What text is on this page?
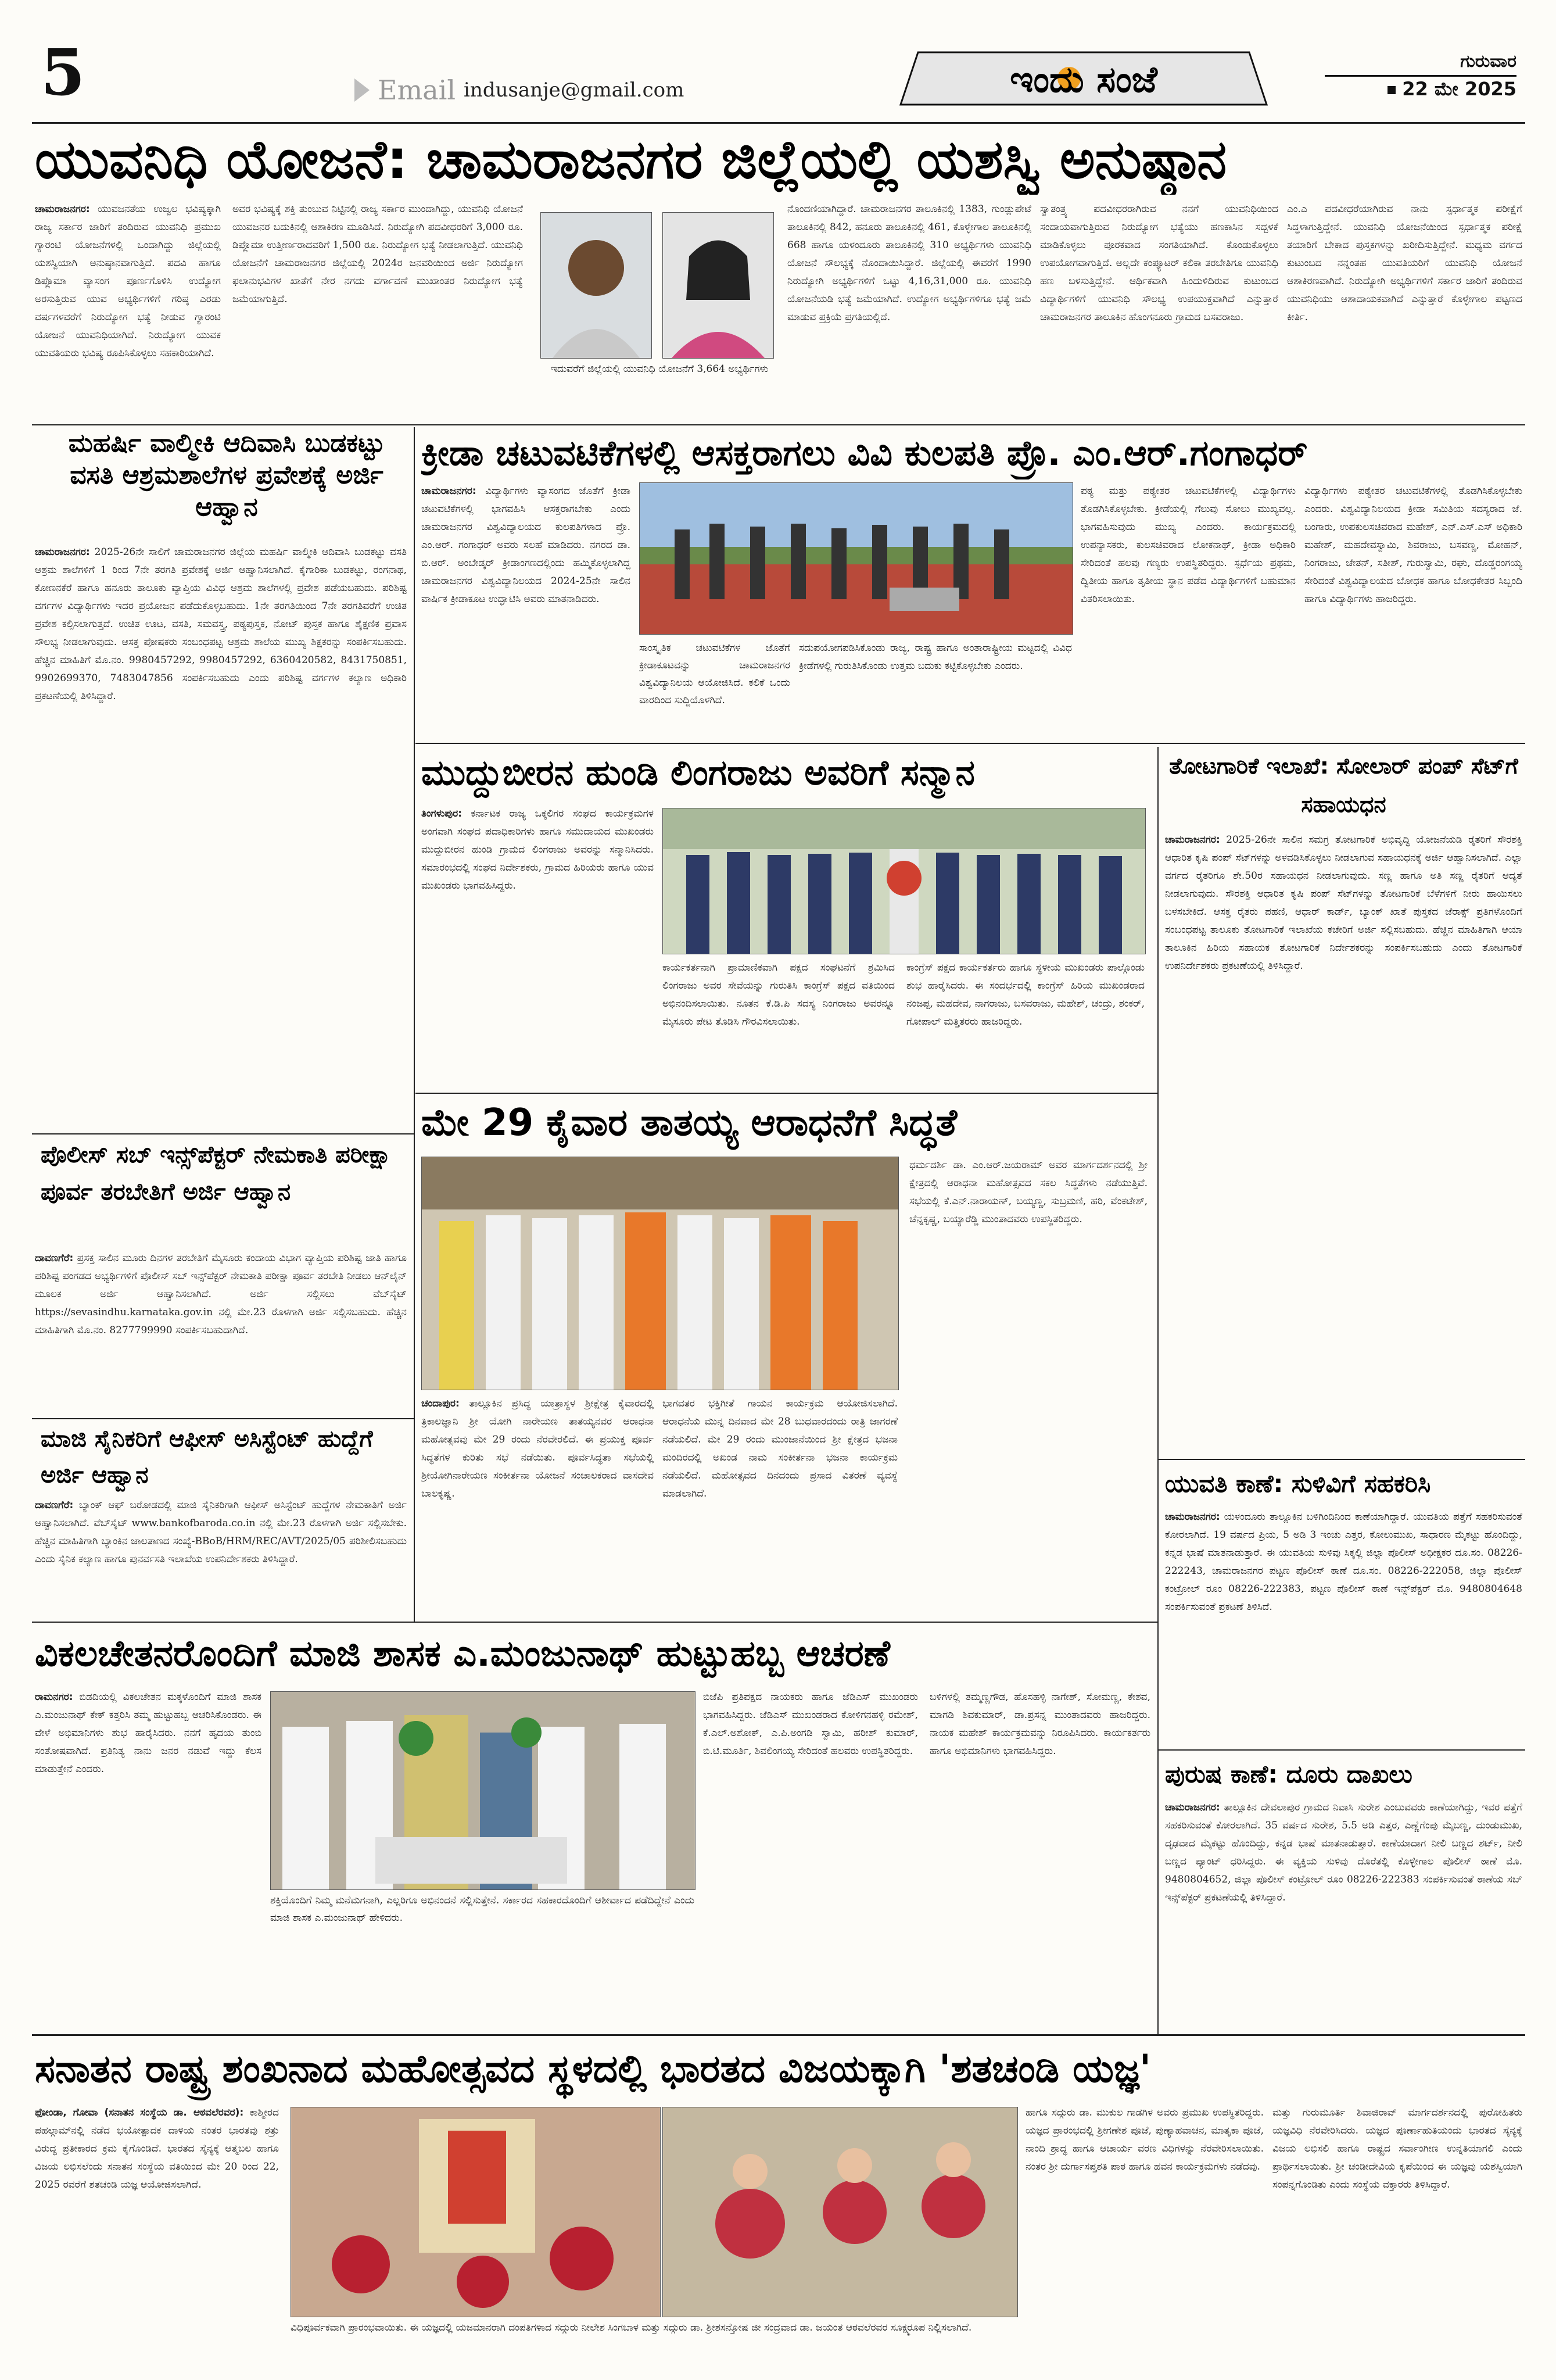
5	Email indusanje@gmail.com	ಇಂದು ಸಂಜೆ	ಗುರುವಾರ
22 ಮೇ 2025
ಯುವನಿಧಿ ಯೋಜನೆ: ಚಾಮರಾಜನಗರ ಜಿಲ್ಲೆಯಲ್ಲಿ ಯಶಸ್ವಿ ಅನುಷ್ಠಾನ
ಚಾಮರಾಜನಗರ: ಯುವಜನತೆಯ ಉಜ್ವಲ ಭವಿಷ್ಯಕ್ಕಾಗಿ ರಾಜ್ಯ ಸರ್ಕಾರ ಜಾರಿಗೆ ತಂದಿರುವ ಯುವನಿಧಿ ಪ್ರಮುಖ ಗ್ಯಾರಂಟಿ ಯೋಜನೆಗಳಲ್ಲಿ ಒಂದಾಗಿದ್ದು ಜಿಲ್ಲೆಯಲ್ಲಿ ಯಶಸ್ವಿಯಾಗಿ ಅನುಷ್ಠಾನವಾಗುತ್ತಿದೆ. ಪದವಿ ಹಾಗೂ ಡಿಪ್ಲೊಮಾ ವ್ಯಾಸಂಗ ಪೂರ್ಣಗೊಳಿಸಿ ಉದ್ಯೋಗ ಅರಸುತ್ತಿರುವ ಯುವ ಅಭ್ಯರ್ಥಿಗಳಿಗೆ ಗರಿಷ್ಠ ಎರಡು ವರ್ಷಗಳವರೆಗೆ ನಿರುದ್ಯೋಗ ಭತ್ಯೆ ನೀಡುವ ಗ್ಯಾರಂಟಿ ಯೋಜನೆ ಯುವನಿಧಿಯಾಗಿದೆ. ನಿರುದ್ಯೋಗ ಯುವಕ ಯುವತಿಯರು ಭವಿಷ್ಯ ರೂಪಿಸಿಕೊಳ್ಳಲು ಸಹಕಾರಿಯಾಗಿದೆ.
ಅವರ ಭವಿಷ್ಯಕ್ಕೆ ಶಕ್ತಿ ತುಂಬುವ ನಿಟ್ಟಿನಲ್ಲಿ ರಾಜ್ಯ ಸರ್ಕಾರ ಮುಂದಾಗಿದ್ದು, ಯುವನಿಧಿ ಯೋಜನೆ ಯುವಜನರ ಬದುಕಿನಲ್ಲಿ ಆಶಾಕಿರಣ ಮೂಡಿಸಿದೆ. ನಿರುದ್ಯೋಗಿ ಪದವೀಧರರಿಗೆ 3,000 ರೂ. ಡಿಪ್ಲೊಮಾ ಉತ್ತೀರ್ಣರಾದವರಿಗೆ 1,500 ರೂ. ನಿರುದ್ಯೋಗ ಭತ್ಯೆ ನೀಡಲಾಗುತ್ತಿದೆ. ಯುವನಿಧಿ ಯೋಜನೆಗೆ ಚಾಮರಾಜನಗರ ಜಿಲ್ಲೆಯಲ್ಲಿ 2024ರ ಜನವರಿಯಿಂದ ಅರ್ಜಿ ನಿರುದ್ಯೋಗ ಫಲಾನುಭವಿಗಳ ಖಾತೆಗೆ ನೇರ ನಗದು ವರ್ಗಾವಣೆ ಮುಖಾಂತರ ನಿರುದ್ಯೋಗ ಭತ್ಯೆ ಜಮೆಯಾಗುತ್ತಿದೆ.
ಇದುವರೆಗೆ ಜಿಲ್ಲೆಯಲ್ಲಿ ಯುವನಿಧಿ ಯೋಜನೆಗೆ 3,664 ಅಭ್ಯರ್ಥಿಗಳು
ನೊಂದಣಿಯಾಗಿದ್ದಾರೆ. ಚಾಮರಾಜನಗರ ತಾಲೂಕಿನಲ್ಲಿ 1383, ಗುಂಡ್ಲುಪೇಟೆ ತಾಲೂಕಿನಲ್ಲಿ 842, ಹನೂರು ತಾಲೂಕಿನಲ್ಲಿ 461, ಕೊಳ್ಳೇಗಾಲ ತಾಲೂಕಿನಲ್ಲಿ 668 ಹಾಗೂ ಯಳಂದೂರು ತಾಲೂಕಿನಲ್ಲಿ 310 ಅಭ್ಯರ್ಥಿಗಳು ಯುವನಿಧಿ ಯೋಜನೆ ಸೌಲಭ್ಯಕ್ಕೆ ನೊಂದಾಯಿಸಿದ್ದಾರೆ. ಜಿಲ್ಲೆಯಲ್ಲಿ ಈವರೆಗೆ 1990 ನಿರುದ್ಯೋಗಿ ಅಭ್ಯರ್ಥಿಗಳಿಗೆ ಒಟ್ಟು 4,16,31,000 ರೂ. ಯುವನಿಧಿ ಯೋಜನೆಯಡಿ ಭತ್ಯೆ ಜಮೆಯಾಗಿದೆ. ಉದ್ಯೋಗ ಅಭ್ಯರ್ಥಿಗಳಿಗೂ ಭತ್ಯೆ ಜಮೆ ಮಾಡುವ ಪ್ರಕ್ರಿಯೆ ಪ್ರಗತಿಯಲ್ಲಿದೆ.
ಸ್ವಾತಂತ್ರ್ಯ ಪದವೀಧರರಾಗಿರುವ ನನಗೆ ಯುವನಿಧಿಯಿಂದ ಸಂದಾಯವಾಗುತ್ತಿರುವ ನಿರುದ್ಯೋಗ ಭತ್ಯೆಯು ಹಣಕಾಸಿನ ಸದ್ಬಳಕೆ ಮಾಡಿಕೊಳ್ಳಲು ಪೂರಕವಾದ ಸಂಗತಿಯಾಗಿದೆ. ಕೊಂಡುಕೊಳ್ಳಲು ಉಪಯೋಗವಾಗುತ್ತಿದೆ. ಅಲ್ಲದೇ ಕಂಪ್ಯೂಟರ್ ಕಲಿಕಾ ತರಬೇತಿಗೂ ಯುವನಿಧಿ ಹಣ ಬಳಸುತ್ತಿದ್ದೇನೆ. ಆರ್ಥಿಕವಾಗಿ ಹಿಂದುಳಿದಿರುವ ಕುಟುಂಬದ ವಿದ್ಯಾರ್ಥಿಗಳಿಗೆ ಯುವನಿಧಿ ಸೌಲಭ್ಯ ಉಪಯುಕ್ತವಾಗಿದೆ ಎನ್ನುತ್ತಾರೆ ಚಾಮರಾಜನಗರ ತಾಲೂಕಿನ ಹೊಂಗನೂರು ಗ್ರಾಮದ ಬಸವರಾಜು.
ಎಂ.ಎ ಪದವೀಧರೆಯಾಗಿರುವ ನಾನು ಸ್ಪರ್ಧಾತ್ಮಕ ಪರೀಕ್ಷೆಗೆ ಸಿದ್ಧಳಾಗುತ್ತಿದ್ದೇನೆ. ಯುವನಿಧಿ ಯೋಜನೆಯಿಂದ ಸ್ಪರ್ಧಾತ್ಮಕ ಪರೀಕ್ಷೆ ತಯಾರಿಗೆ ಬೇಕಾದ ಪುಸ್ತಕಗಳನ್ನು ಖರೀದಿಸುತ್ತಿದ್ದೇನೆ. ಮಧ್ಯಮ ವರ್ಗದ ಕುಟುಂಬದ ನನ್ನಂತಹ ಯುವತಿಯರಿಗೆ ಯುವನಿಧಿ ಯೋಜನೆ ಆಶಾಕಿರಣವಾಗಿದೆ. ನಿರುದ್ಯೋಗಿ ಅಭ್ಯರ್ಥಿಗಳಿಗೆ ಸರ್ಕಾರ ಜಾರಿಗೆ ತಂದಿರುವ ಯುವನಿಧಿಯು ಆಶಾದಾಯಕವಾಗಿದೆ ಎನ್ನುತ್ತಾರೆ ಕೊಳ್ಳೇಗಾಲ ಪಟ್ಟಣದ ಕೀರ್ತಿ.
ಮಹರ್ಷಿ ವಾಲ್ಮೀಕಿ ಆದಿವಾಸಿ ಬುಡಕಟ್ಟು ವಸತಿ ಆಶ್ರಮಶಾಲೆಗಳ ಪ್ರವೇಶಕ್ಕೆ ಅರ್ಜಿ ಆಹ್ವಾನ
ಚಾಮರಾಜನಗರ: 2025-26ನೇ ಸಾಲಿಗೆ ಚಾಮರಾಜನಗರ ಜಿಲ್ಲೆಯ ಮಹರ್ಷಿ ವಾಲ್ಮೀಕಿ ಆದಿವಾಸಿ ಬುಡಕಟ್ಟು ವಸತಿ ಆಶ್ರಮ ಶಾಲೆಗಳಿಗೆ 1 ರಿಂದ 7ನೇ ತರಗತಿ ಪ್ರವೇಶಕ್ಕೆ ಅರ್ಜಿ ಆಹ್ವಾನಿಸಲಾಗಿದೆ. ಕೈಗಾರಿಕಾ ಬುಡಕಟ್ಟು, ರಂಗನಾಥ, ಕೋಣನಕೆರೆ ಹಾಗೂ ಹನೂರು ತಾಲೂಕು ವ್ಯಾಪ್ತಿಯ ವಿವಿಧ ಆಶ್ರಮ ಶಾಲೆಗಳಲ್ಲಿ ಪ್ರವೇಶ ಪಡೆಯಬಹುದು. ಪರಿಶಿಷ್ಟ ವರ್ಗಗಳ ವಿದ್ಯಾರ್ಥಿಗಳು ಇದರ ಪ್ರಯೋಜನ ಪಡೆದುಕೊಳ್ಳಬಹುದು. 1ನೇ ತರಗತಿಯಿಂದ 7ನೇ ತರಗತಿವರೆಗೆ ಉಚಿತ ಪ್ರವೇಶ ಕಲ್ಪಿಸಲಾಗುತ್ತದೆ. ಉಚಿತ ಊಟ, ವಸತಿ, ಸಮವಸ್ತ್ರ, ಪಠ್ಯಪುಸ್ತಕ, ನೋಟ್ ಪುಸ್ತಕ ಹಾಗೂ ಶೈಕ್ಷಣಿಕ ಪ್ರವಾಸ ಸೌಲಭ್ಯ ನೀಡಲಾಗುವುದು. ಆಸಕ್ತ ಪೋಷಕರು ಸಂಬಂಧಪಟ್ಟ ಆಶ್ರಮ ಶಾಲೆಯ ಮುಖ್ಯ ಶಿಕ್ಷಕರನ್ನು ಸಂಪರ್ಕಿಸಬಹುದು. ಹೆಚ್ಚಿನ ಮಾಹಿತಿಗೆ ಮೊ.ನಂ. 9980457292, 9980457292, 6360420582, 8431750851, 9902699370, 7483047856 ಸಂಪರ್ಕಿಸಬಹುದು ಎಂದು ಪರಿಶಿಷ್ಟ ವರ್ಗಗಳ ಕಲ್ಯಾಣ ಅಧಿಕಾರಿ ಪ್ರಕಟಣೆಯಲ್ಲಿ ತಿಳಿಸಿದ್ದಾರೆ.
ಕ್ರೀಡಾ ಚಟುವಟಿಕೆಗಳಲ್ಲಿ ಆಸಕ್ತರಾಗಲು ವಿವಿ ಕುಲಪತಿ ಪ್ರೊ. ಎಂ.ಆರ್.ಗಂಗಾಧರ್
ಚಾಮರಾಜನಗರ: ವಿದ್ಯಾರ್ಥಿಗಳು ವ್ಯಾಸಂಗದ ಜೊತೆಗೆ ಕ್ರೀಡಾ ಚಟುವಟಿಕೆಗಳಲ್ಲಿ ಭಾಗವಹಿಸಿ ಆಸಕ್ತರಾಗಬೇಕು ಎಂದು ಚಾಮರಾಜನಗರ ವಿಶ್ವವಿದ್ಯಾಲಯದ ಕುಲಪತಿಗಳಾದ ಪ್ರೊ. ಎಂ.ಆರ್. ಗಂಗಾಧರ್ ಅವರು ಸಲಹೆ ಮಾಡಿದರು. ನಗರದ ಡಾ. ಬಿ.ಆರ್. ಅಂಬೇಡ್ಕರ್ ಕ್ರೀಡಾಂಗಣದಲ್ಲಿಂದು ಹಮ್ಮಿಕೊಳ್ಳಲಾಗಿದ್ದ ಚಾಮರಾಜನಗರ ವಿಶ್ವವಿದ್ಯಾನಿಲಯದ 2024-25ನೇ ಸಾಲಿನ ವಾರ್ಷಿಕ ಕ್ರೀಡಾಕೂಟ ಉದ್ಘಾಟಿಸಿ ಅವರು ಮಾತನಾಡಿದರು.
ಸಾಂಸ್ಕೃತಿಕ ಚಟುವಟಿಕೆಗಳ ಜೊತೆಗೆ ಕ್ರೀಡಾಕೂಟವನ್ನು ಚಾಮರಾಜನಗರ ವಿಶ್ವವಿದ್ಯಾನಿಲಯ ಆಯೋಜಿಸಿದೆ. ಕಲಿಕೆ ಒಂದು ವಾರದಿಂದ ಸುದ್ದಿಯೊಳಗಿದೆ.
ಸದುಪಯೋಗಪಡಿಸಿಕೊಂಡು ರಾಜ್ಯ, ರಾಷ್ಟ್ರ ಹಾಗೂ ಅಂತಾರಾಷ್ಟ್ರೀಯ ಮಟ್ಟದಲ್ಲಿ ವಿವಿಧ ಕ್ರೀಡೆಗಳಲ್ಲಿ ಗುರುತಿಸಿಕೊಂಡು ಉತ್ತಮ ಬದುಕು ಕಟ್ಟಿಕೊಳ್ಳಬೇಕು ಎಂದರು.
ಪಠ್ಯ ಮತ್ತು ಪಠ್ಯೇತರ ಚಟುವಟಿಕೆಗಳಲ್ಲಿ ವಿದ್ಯಾರ್ಥಿಗಳು ತೊಡಗಿಸಿಕೊಳ್ಳಬೇಕು. ಕ್ರೀಡೆಯಲ್ಲಿ ಗೆಲುವು ಸೋಲು ಮುಖ್ಯವಲ್ಲ. ಭಾಗವಹಿಸುವುದು ಮುಖ್ಯ ಎಂದರು. ಕಾರ್ಯಕ್ರಮದಲ್ಲಿ ಉಪನ್ಯಾಸಕರು, ಕುಲಸಚಿವರಾದ ಲೋಕನಾಥ್, ಕ್ರೀಡಾ ಅಧಿಕಾರಿ ಸೇರಿದಂತೆ ಹಲವು ಗಣ್ಯರು ಉಪಸ್ಥಿತರಿದ್ದರು. ಸ್ಪರ್ಧೆಯ ಪ್ರಥಮ, ದ್ವಿತೀಯ ಹಾಗೂ ತೃತೀಯ ಸ್ಥಾನ ಪಡೆದ ವಿದ್ಯಾರ್ಥಿಗಳಿಗೆ ಬಹುಮಾನ ವಿತರಿಸಲಾಯಿತು.
ವಿದ್ಯಾರ್ಥಿಗಳು ಪಠ್ಯೇತರ ಚಟುವಟಿಕೆಗಳಲ್ಲಿ ತೊಡಗಿಸಿಕೊಳ್ಳಬೇಕು ಎಂದರು. ವಿಶ್ವವಿದ್ಯಾನಿಲಯದ ಕ್ರೀಡಾ ಸಮಿತಿಯ ಸದಸ್ಯರಾದ ಜೆ. ಬಂಗಾರು, ಉಪಕುಲಸಚಿವರಾದ ಮಹೇಶ್, ಎನ್.ಎಸ್.ಎಸ್ ಅಧಿಕಾರಿ ಮಹೇಶ್, ಮಹದೇವಸ್ವಾಮಿ, ಶಿವರಾಜು, ಬಸವಣ್ಣ, ಮೋಹನ್, ನಿಂಗರಾಜು, ಚೇತನ್, ಸತೀಶ್, ಗುರುಸ್ವಾಮಿ, ರಘು, ದೊಡ್ಡರಂಗಯ್ಯ ಸೇರಿದಂತೆ ವಿಶ್ವವಿದ್ಯಾಲಯದ ಬೋಧಕ ಹಾಗೂ ಬೋಧಕೇತರ ಸಿಬ್ಬಂದಿ ಹಾಗೂ ವಿದ್ಯಾರ್ಥಿಗಳು ಹಾಜರಿದ್ದರು.
ಮುದ್ದುಬೀರನ ಹುಂಡಿ ಲಿಂಗರಾಜು ಅವರಿಗೆ ಸನ್ಮಾನ
ತಿಂಗಳುಪುರ: ಕರ್ನಾಟಕ ರಾಜ್ಯ ಒಕ್ಕಲಿಗರ ಸಂಘದ ಕಾರ್ಯಕ್ರಮಗಳ ಅಂಗವಾಗಿ ಸಂಘದ ಪದಾಧಿಕಾರಿಗಳು ಹಾಗೂ ಸಮುದಾಯದ ಮುಖಂಡರು ಮುದ್ದುಬೀರನ ಹುಂಡಿ ಗ್ರಾಮದ ಲಿಂಗರಾಜು ಅವರನ್ನು ಸನ್ಮಾನಿಸಿದರು. ಸಮಾರಂಭದಲ್ಲಿ ಸಂಘದ ನಿರ್ದೇಶಕರು, ಗ್ರಾಮದ ಹಿರಿಯರು ಹಾಗೂ ಯುವ ಮುಖಂಡರು ಭಾಗವಹಿಸಿದ್ದರು.
ಕಾರ್ಯಕರ್ತನಾಗಿ ಪ್ರಾಮಾಣಿಕವಾಗಿ ಪಕ್ಷದ ಸಂಘಟನೆಗೆ ಶ್ರಮಿಸಿದ ಲಿಂಗರಾಜು ಅವರ ಸೇವೆಯನ್ನು ಗುರುತಿಸಿ ಕಾಂಗ್ರೆಸ್ ಪಕ್ಷದ ವತಿಯಿಂದ ಅಭಿನಂದಿಸಲಾಯಿತು. ನೂತನ ಕೆ.ಡಿ.ಪಿ ಸದಸ್ಯ ನಿಂಗರಾಜು ಅವರನ್ನೂ ಮೈಸೂರು ಪೇಟ ತೊಡಿಸಿ ಗೌರವಿಸಲಾಯಿತು.
ಕಾಂಗ್ರೆಸ್ ಪಕ್ಷದ ಕಾರ್ಯಕರ್ತರು ಹಾಗೂ ಸ್ಥಳೀಯ ಮುಖಂಡರು ಪಾಲ್ಗೊಂಡು ಶುಭ ಹಾರೈಸಿದರು. ಈ ಸಂದರ್ಭದಲ್ಲಿ ಕಾಂಗ್ರೆಸ್ ಹಿರಿಯ ಮುಖಂಡರಾದ ನಂಜಪ್ಪ, ಮಹದೇವ, ನಾಗರಾಜು, ಬಸವರಾಜು, ಮಹೇಶ್, ಚಂದ್ರು, ಶಂಕರ್, ಗೋಪಾಲ್ ಮತ್ತಿತರರು ಹಾಜರಿದ್ದರು.
ಮೇ 29 ಕೈವಾರ ತಾತಯ್ಯ ಆರಾಧನೆಗೆ ಸಿದ್ಧತೆ
ಧರ್ಮದರ್ಶಿ ಡಾ. ಎಂ.ಆರ್.ಜಯರಾಮ್ ಅವರ ಮಾರ್ಗದರ್ಶನದಲ್ಲಿ ಶ್ರೀ ಕ್ಷೇತ್ರದಲ್ಲಿ ಆರಾಧನಾ ಮಹೋತ್ಸವದ ಸಕಲ ಸಿದ್ಧತೆಗಳು ನಡೆಯುತ್ತಿವೆ. ಸಭೆಯಲ್ಲಿ ಕೆ.ಎನ್.ನಾರಾಯಣ್, ಬಯ್ಯಣ್ಣ, ಸುಬ್ರಮಣಿ, ಹರಿ, ವೆಂಕಟೇಶ್, ಚೆನ್ನಕೃಷ್ಣ, ಬಯ್ಯಾರೆಡ್ಡಿ ಮುಂತಾದವರು ಉಪಸ್ಥಿತರಿದ್ದರು.
ಚಂದಾಪುರ: ತಾಲ್ಲೂಕಿನ ಪ್ರಸಿದ್ಧ ಯಾತ್ರಾಸ್ಥಳ ಶ್ರೀಕ್ಷೇತ್ರ ಕೈವಾರದಲ್ಲಿ ತ್ರಿಕಾಲಜ್ಞಾನಿ ಶ್ರೀ ಯೋಗಿ ನಾರೇಯಣ ತಾತಯ್ಯನವರ ಆರಾಧನಾ ಮಹೋತ್ಸವವು ಮೇ 29 ರಂದು ನೆರವೇರಲಿದೆ. ಈ ಪ್ರಯುಕ್ತ ಪೂರ್ವ ಸಿದ್ಧತೆಗಳ ಕುರಿತು ಸಭೆ ನಡೆಯಿತು. ಪೂರ್ವಸಿದ್ಧತಾ ಸಭೆಯಲ್ಲಿ ಶ್ರೀಯೋಗಿನಾರೇಯಣ ಸಂಕೀರ್ತನಾ ಯೋಜನೆ ಸಂಚಾಲಕರಾದ ವಾಸದೇವ ಬಾಲಕೃಷ್ಣ.
ಭಾಗವತರ ಭಕ್ತಿಗೀತೆ ಗಾಯನ ಕಾರ್ಯಕ್ರಮ ಆಯೋಜಿಸಲಾಗಿದೆ. ಆರಾಧನೆಯ ಮುನ್ನ ದಿನವಾದ ಮೇ 28 ಬುಧವಾರದಂದು ರಾತ್ರಿ ಜಾಗರಣೆ ನಡೆಯಲಿದೆ. ಮೇ 29 ರಂದು ಮುಂಜಾನೆಯಿಂದ ಶ್ರೀ ಕ್ಷೇತ್ರದ ಭಜನಾ ಮಂದಿರದಲ್ಲಿ ಅಖಂಡ ನಾಮ ಸಂಕೀರ್ತನಾ ಭಜನಾ ಕಾರ್ಯಕ್ರಮ ನಡೆಯಲಿದೆ. ಮಹೋತ್ಸವದ ದಿನದಂದು ಪ್ರಸಾದ ವಿತರಣೆ ವ್ಯವಸ್ಥೆ ಮಾಡಲಾಗಿದೆ.
ಪೊಲೀಸ್ ಸಬ್ ಇನ್ಸ್‌ಪೆಕ್ಟರ್ ನೇಮಕಾತಿ ಪರೀಕ್ಷಾ ಪೂರ್ವ ತರಬೇತಿಗೆ ಅರ್ಜಿ ಆಹ್ವಾನ
ದಾವಣಗೆರೆ: ಪ್ರಸಕ್ತ ಸಾಲಿನ ಮೂರು ದಿನಗಳ ತರಬೇತಿಗೆ ಮೈಸೂರು ಕಂದಾಯ ವಿಭಾಗ ವ್ಯಾಪ್ತಿಯ ಪರಿಶಿಷ್ಟ ಜಾತಿ ಹಾಗೂ ಪರಿಶಿಷ್ಟ ಪಂಗಡದ ಅಭ್ಯರ್ಥಿಗಳಿಗೆ ಪೊಲೀಸ್ ಸಬ್ ಇನ್ಸ್‌ಪೆಕ್ಟರ್ ನೇಮಕಾತಿ ಪರೀಕ್ಷಾ ಪೂರ್ವ ತರಬೇತಿ ನೀಡಲು ಆನ್‌ಲೈನ್ ಮೂಲಕ ಅರ್ಜಿ ಆಹ್ವಾನಿಸಲಾಗಿದೆ. ಅರ್ಜಿ ಸಲ್ಲಿಸಲು ವೆಬ್‌ಸೈಟ್ https://sevasindhu.karnataka.gov.in ನಲ್ಲಿ ಮೇ.23 ರೊಳಗಾಗಿ ಅರ್ಜಿ ಸಲ್ಲಿಸಬಹುದು. ಹೆಚ್ಚಿನ ಮಾಹಿತಿಗಾಗಿ ಮೊ.ನಂ. 8277799990 ಸಂಪರ್ಕಿಸಬಹುದಾಗಿದೆ.
ಮಾಜಿ ಸೈನಿಕರಿಗೆ ಆಫೀಸ್ ಅಸಿಸ್ಟೆಂಟ್ ಹುದ್ದೆಗೆ ಅರ್ಜಿ ಆಹ್ವಾನ
ದಾವಣಗೆರೆ: ಬ್ಯಾಂಕ್ ಆಫ್ ಬರೋಡದಲ್ಲಿ ಮಾಜಿ ಸೈನಿಕರಿಗಾಗಿ ಆಫೀಸ್ ಅಸಿಸ್ಟೆಂಟ್ ಹುದ್ದೆಗಳ ನೇಮಕಾತಿಗೆ ಅರ್ಜಿ ಆಹ್ವಾನಿಸಲಾಗಿದೆ. ವೆಬ್‌ಸೈಟ್ www.bankofbaroda.co.in ನಲ್ಲಿ ಮೇ.23 ರೊಳಗಾಗಿ ಅರ್ಜಿ ಸಲ್ಲಿಸಬೇಕು. ಹೆಚ್ಚಿನ ಮಾಹಿತಿಗಾಗಿ ಬ್ಯಾಂಕಿನ ಜಾಲತಾಣದ ಸಂಖ್ಯೆ-BBoB/HRM/REC/AVT/2025/05 ಪರಿಶೀಲಿಸಬಹುದು ಎಂದು ಸೈನಿಕ ಕಲ್ಯಾಣ ಹಾಗೂ ಪುನರ್ವಸತಿ ಇಲಾಖೆಯ ಉಪನಿರ್ದೇಶಕರು ತಿಳಿಸಿದ್ದಾರೆ.
ತೋಟಗಾರಿಕೆ ಇಲಾಖೆ: ಸೋಲಾರ್ ಪಂಪ್ ಸೆಟ್‌ಗೆ ಸಹಾಯಧನ
ಚಾಮರಾಜನಗರ: 2025-26ನೇ ಸಾಲಿನ ಸಮಗ್ರ ತೋಟಗಾರಿಕೆ ಅಭಿವೃದ್ಧಿ ಯೋಜನೆಯಡಿ ರೈತರಿಗೆ ಸೌರಶಕ್ತಿ ಆಧಾರಿತ ಕೃಷಿ ಪಂಪ್ ಸೆಟ್‌ಗಳನ್ನು ಅಳವಡಿಸಿಕೊಳ್ಳಲು ನೀಡಲಾಗುವ ಸಹಾಯಧನಕ್ಕೆ ಅರ್ಜಿ ಆಹ್ವಾನಿಸಲಾಗಿದೆ. ಎಲ್ಲಾ ವರ್ಗದ ರೈತರಿಗೂ ಶೇ.50ರ ಸಹಾಯಧನ ನೀಡಲಾಗುವುದು. ಸಣ್ಣ ಹಾಗೂ ಅತಿ ಸಣ್ಣ ರೈತರಿಗೆ ಆದ್ಯತೆ ನೀಡಲಾಗುವುದು. ಸೌರಶಕ್ತಿ ಆಧಾರಿತ ಕೃಷಿ ಪಂಪ್ ಸೆಟ್‌ಗಳನ್ನು ತೋಟಗಾರಿಕೆ ಬೆಳೆಗಳಿಗೆ ನೀರು ಹಾಯಿಸಲು ಬಳಸಬೇಕಿದೆ. ಆಸಕ್ತ ರೈತರು ಪಹಣಿ, ಆಧಾರ್ ಕಾರ್ಡ್, ಬ್ಯಾಂಕ್ ಖಾತೆ ಪುಸ್ತಕದ ಜೆರಾಕ್ಸ್ ಪ್ರತಿಗಳೊಂದಿಗೆ ಸಂಬಂಧಪಟ್ಟ ತಾಲೂಕು ತೋಟಗಾರಿಕೆ ಇಲಾಖೆಯ ಕಚೇರಿಗೆ ಅರ್ಜಿ ಸಲ್ಲಿಸಬಹುದು. ಹೆಚ್ಚಿನ ಮಾಹಿತಿಗಾಗಿ ಆಯಾ ತಾಲೂಕಿನ ಹಿರಿಯ ಸಹಾಯಕ ತೋಟಗಾರಿಕೆ ನಿರ್ದೇಶಕರನ್ನು ಸಂಪರ್ಕಿಸಬಹುದು ಎಂದು ತೋಟಗಾರಿಕೆ ಉಪನಿರ್ದೇಶಕರು ಪ್ರಕಟಣೆಯಲ್ಲಿ ತಿಳಿಸಿದ್ದಾರೆ.
ಯುವತಿ ಕಾಣೆ: ಸುಳಿವಿಗೆ ಸಹಕರಿಸಿ
ಚಾಮರಾಜನಗರ: ಯಳಂದೂರು ತಾಲ್ಲೂಕಿನ ಬಳಿಗಿಂದಿನಿಂದ ಕಾಣೆಯಾಗಿದ್ದಾರೆ. ಯುವತಿಯ ಪತ್ತೆಗೆ ಸಹಕರಿಸುವಂತೆ ಕೋರಲಾಗಿದೆ. 19 ವರ್ಷದ ಪ್ರಿಯ, 5 ಅಡಿ 3 ಇಂಚು ಎತ್ತರ, ಕೋಲುಮುಖ, ಸಾಧಾರಣ ಮೈಕಟ್ಟು ಹೊಂದಿದ್ದು, ಕನ್ನಡ ಭಾಷೆ ಮಾತನಾಡುತ್ತಾರೆ. ಈ ಯುವತಿಯ ಸುಳಿವು ಸಿಕ್ಕಲ್ಲಿ ಜಿಲ್ಲಾ ಪೊಲೀಸ್ ಅಧೀಕ್ಷಕರ ದೂ.ಸಂ. 08226-222243, ಚಾಮರಾಜನಗರ ಪಟ್ಟಣ ಪೊಲೀಸ್ ಠಾಣೆ ದೂ.ಸಂ. 08226-222058, ಜಿಲ್ಲಾ ಪೊಲೀಸ್ ಕಂಟ್ರೋಲ್ ರೂಂ 08226-222383, ಪಟ್ಟಣ ಪೊಲೀಸ್ ಠಾಣೆ ಇನ್ಸ್‌ಪೆಕ್ಟರ್ ಮೊ. 9480804648 ಸಂಪರ್ಕಿಸುವಂತೆ ಪ್ರಕಟಣೆ ತಿಳಿಸಿದೆ.
ಪುರುಷ ಕಾಣೆ: ದೂರು ದಾಖಲು
ಚಾಮರಾಜನಗರ: ತಾಲ್ಲೂಕಿನ ದೇವಲಾಪುರ ಗ್ರಾಮದ ನಿವಾಸಿ ಸುರೇಶ ಎಂಬುವವರು ಕಾಣೆಯಾಗಿದ್ದು, ಇವರ ಪತ್ತೆಗೆ ಸಹಕರಿಸುವಂತೆ ಕೋರಲಾಗಿದೆ. 35 ವರ್ಷದ ಸುರೇಶ, 5.5 ಅಡಿ ಎತ್ತರ, ಎಣ್ಣೆಗೆಂಪು ಮೈಬಣ್ಣ, ದುಂಡುಮುಖ, ದೃಢವಾದ ಮೈಕಟ್ಟು ಹೊಂದಿದ್ದು, ಕನ್ನಡ ಭಾಷೆ ಮಾತನಾಡುತ್ತಾರೆ. ಕಾಣೆಯಾದಾಗ ನೀಲಿ ಬಣ್ಣದ ಶರ್ಟ್, ನೀಲಿ ಬಣ್ಣದ ಪ್ಯಾಂಟ್ ಧರಿಸಿದ್ದರು. ಈ ವ್ಯಕ್ತಿಯ ಸುಳಿವು ದೊರೆತಲ್ಲಿ ಕೊಳ್ಳೇಗಾಲ ಪೊಲೀಸ್ ಠಾಣೆ ಮೊ. 9480804652, ಜಿಲ್ಲಾ ಪೊಲೀಸ್ ಕಂಟ್ರೋಲ್ ರೂಂ 08226-222383 ಸಂಪರ್ಕಿಸುವಂತೆ ಠಾಣೆಯ ಸಬ್ ಇನ್ಸ್‌ಪೆಕ್ಟರ್ ಪ್ರಕಟಣೆಯಲ್ಲಿ ತಿಳಿಸಿದ್ದಾರೆ.
ವಿಕಲಚೇತನರೊಂದಿಗೆ ಮಾಜಿ ಶಾಸಕ ಎ.ಮಂಜುನಾಥ್ ಹುಟ್ಟುಹಬ್ಬ ಆಚರಣೆ
ರಾಮನಗರ: ಬಿಡದಿಯಲ್ಲಿ ವಿಕಲಚೇತನ ಮಕ್ಕಳೊಂದಿಗೆ ಮಾಜಿ ಶಾಸಕ ಎ.ಮಂಜುನಾಥ್ ಕೇಕ್ ಕತ್ತರಿಸಿ ತಮ್ಮ ಹುಟ್ಟುಹಬ್ಬ ಆಚರಿಸಿಕೊಂಡರು. ಈ ವೇಳೆ ಅಭಿಮಾನಿಗಳು ಶುಭ ಹಾರೈಸಿದರು. ನನಗೆ ಹೃದಯ ತುಂಬಿ ಸಂತೋಷವಾಗಿದೆ. ಪ್ರತಿನಿತ್ಯ ನಾನು ಜನರ ನಡುವೆ ಇದ್ದು ಕೆಲಸ ಮಾಡುತ್ತೇನೆ ಎಂದರು.
ಶಕ್ತಿಯೊಂದಿಗೆ ನಿಮ್ಮ ಮನೆಮಗನಾಗಿ, ಎಲ್ಲರಿಗೂ ಅಭಿನಂದನೆ ಸಲ್ಲಿಸುತ್ತೇನೆ. ಸರ್ಕಾರದ ಸಹಕಾರದೊಂದಿಗೆ ಆಶೀರ್ವಾದ ಪಡೆದಿದ್ದೇನೆ ಎಂದು ಮಾಜಿ ಶಾಸಕ ಎ.ಮಂಜುನಾಥ್ ಹೇಳಿದರು.
ಬಿಜೆಪಿ ಪ್ರತಿಪಕ್ಷದ ನಾಯಕರು ಹಾಗೂ ಜೆಡಿಎಸ್ ಮುಖಂಡರು ಭಾಗವಹಿಸಿದ್ದರು. ಜೆಡಿಎಸ್ ಮುಖಂಡರಾದ ಕೋಳಿಗನಹಳ್ಳಿ ರಮೇಶ್, ಕೆ.ಎಲ್.ಅಶೋಕ್, ಎ.ಪಿ.ಅಂಗಡಿ ಸ್ವಾಮಿ, ಹರೀಶ್ ಕುಮಾರ್, ಬಿ.ಟಿ.ಮೂರ್ತಿ, ಶಿವಲಿಂಗಯ್ಯ ಸೇರಿದಂತೆ ಹಲವರು ಉಪಸ್ಥಿತರಿದ್ದರು.
ಬಳಿಗಳಲ್ಲಿ ತಮ್ಮಣ್ಣಗೌಡ, ಹೊಸಹಳ್ಳಿ ನಾಗೇಶ್, ಸೋಮಣ್ಣ, ಕೇಶವ, ಮಾಗಡಿ ಶಿವಕುಮಾರ್, ಡಾ.ಪ್ರಸನ್ನ ಮುಂತಾದವರು ಹಾಜರಿದ್ದರು. ನಾಯಕ ಮಹೇಶ್ ಕಾರ್ಯಕ್ರಮವನ್ನು ನಿರೂಪಿಸಿದರು. ಕಾರ್ಯಕರ್ತರು ಹಾಗೂ ಅಭಿಮಾನಿಗಳು ಭಾಗವಹಿಸಿದ್ದರು.
ಸನಾತನ ರಾಷ್ಟ್ರ ಶಂಖನಾದ ಮಹೋತ್ಸವದ ಸ್ಥಳದಲ್ಲಿ ಭಾರತದ ವಿಜಯಕ್ಕಾಗಿ 'ಶತಚಂಡಿ ಯಜ್ಞ'
ಫೋಂಡಾ, ಗೋವಾ (ಸನಾತನ ಸಂಸ್ಥೆಯ ಡಾ. ಆಠವಲೆರವರ): ಕಾಶ್ಮೀರದ ಪಹಲ್ಗಾಮ್‌ನಲ್ಲಿ ನಡೆದ ಭಯೋತ್ಪಾದಕ ದಾಳಿಯ ನಂತರ ಭಾರತವು ಶತ್ರು ವಿರುದ್ಧ ಪ್ರತೀಕಾರದ ಕ್ರಮ ಕೈಗೊಂಡಿದೆ. ಭಾರತದ ಸೈನ್ಯಕ್ಕೆ ಆತ್ಮಬಲ ಹಾಗೂ ವಿಜಯ ಲಭಿಸಲೆಂದು ಸನಾತನ ಸಂಸ್ಥೆಯ ವತಿಯಿಂದ ಮೇ 20 ರಿಂದ 22, 2025 ರವರೆಗೆ ಶತಚಂಡಿ ಯಜ್ಞ ಆಯೋಜಿಸಲಾಗಿದೆ.
ವಿಧಿಪೂರ್ವಕವಾಗಿ ಪ್ರಾರಂಭವಾಯಿತು. ಈ ಯಜ್ಞದಲ್ಲಿ ಯಜಮಾನರಾಗಿ ದಂಪತಿಗಳಾದ ಸದ್ಗುರು ನೀಲೇಶ ಸಿಂಗಬಾಳ ಮತ್ತು ಸದ್ಗುರು ಡಾ. ಶ್ರೀಶಸನ್ತೋಷ ಜೀ ಸಂದ್ರವಾದ ಡಾ. ಜಯಂತ ಆಠವಲೆರವರ ಸೂಕ್ಷ್ಮರೂಪ ನಿಲ್ಲಿಸಲಾಗಿದೆ.
ಹಾಗೂ ಸದ್ಗುರು ಡಾ. ಮುಕುಲ ಗಾಡಗಿಳ ಅವರು ಪ್ರಮುಖ ಉಪಸ್ಥಿತರಿದ್ದರು. ಯಜ್ಞದ ಪ್ರಾರಂಭದಲ್ಲಿ ಶ್ರೀಗಣೇಶ ಪೂಜೆ, ಪುಣ್ಯಾಹವಾಚನ, ಮಾತೃಕಾ ಪೂಜೆ, ನಾಂದಿ ಶ್ರಾದ್ಧ ಹಾಗೂ ಆಚಾರ್ಯ ವರಣ ವಿಧಿಗಳನ್ನು ನೆರವೇರಿಸಲಾಯಿತು. ನಂತರ ಶ್ರೀ ದುರ್ಗಾಸಪ್ತಶತಿ ಪಾಠ ಹಾಗೂ ಹವನ ಕಾರ್ಯಕ್ರಮಗಳು ನಡೆದವು.
ಮತ್ತು ಗುರುಮೂರ್ತಿ ಶಿವಾಜಿರಾವ್ ಮಾರ್ಗದರ್ಶನದಲ್ಲಿ ಪುರೋಹಿತರು ಯಜ್ಞವಿಧಿ ನೆರವೇರಿಸಿದರು. ಯಜ್ಞದ ಪೂರ್ಣಾಹುತಿಯಂದು ಭಾರತದ ಸೈನ್ಯಕ್ಕೆ ವಿಜಯ ಲಭಿಸಲಿ ಹಾಗೂ ರಾಷ್ಟ್ರದ ಸರ್ವಾಂಗೀಣ ಉನ್ನತಿಯಾಗಲಿ ಎಂದು ಪ್ರಾರ್ಥಿಸಲಾಯಿತು. ಶ್ರೀ ಚಂಡೀದೇವಿಯ ಕೃಪೆಯಿಂದ ಈ ಯಜ್ಞವು ಯಶಸ್ವಿಯಾಗಿ ಸಂಪನ್ನಗೊಂಡಿತು ಎಂದು ಸಂಸ್ಥೆಯ ವಕ್ತಾರರು ತಿಳಿಸಿದ್ದಾರೆ.
